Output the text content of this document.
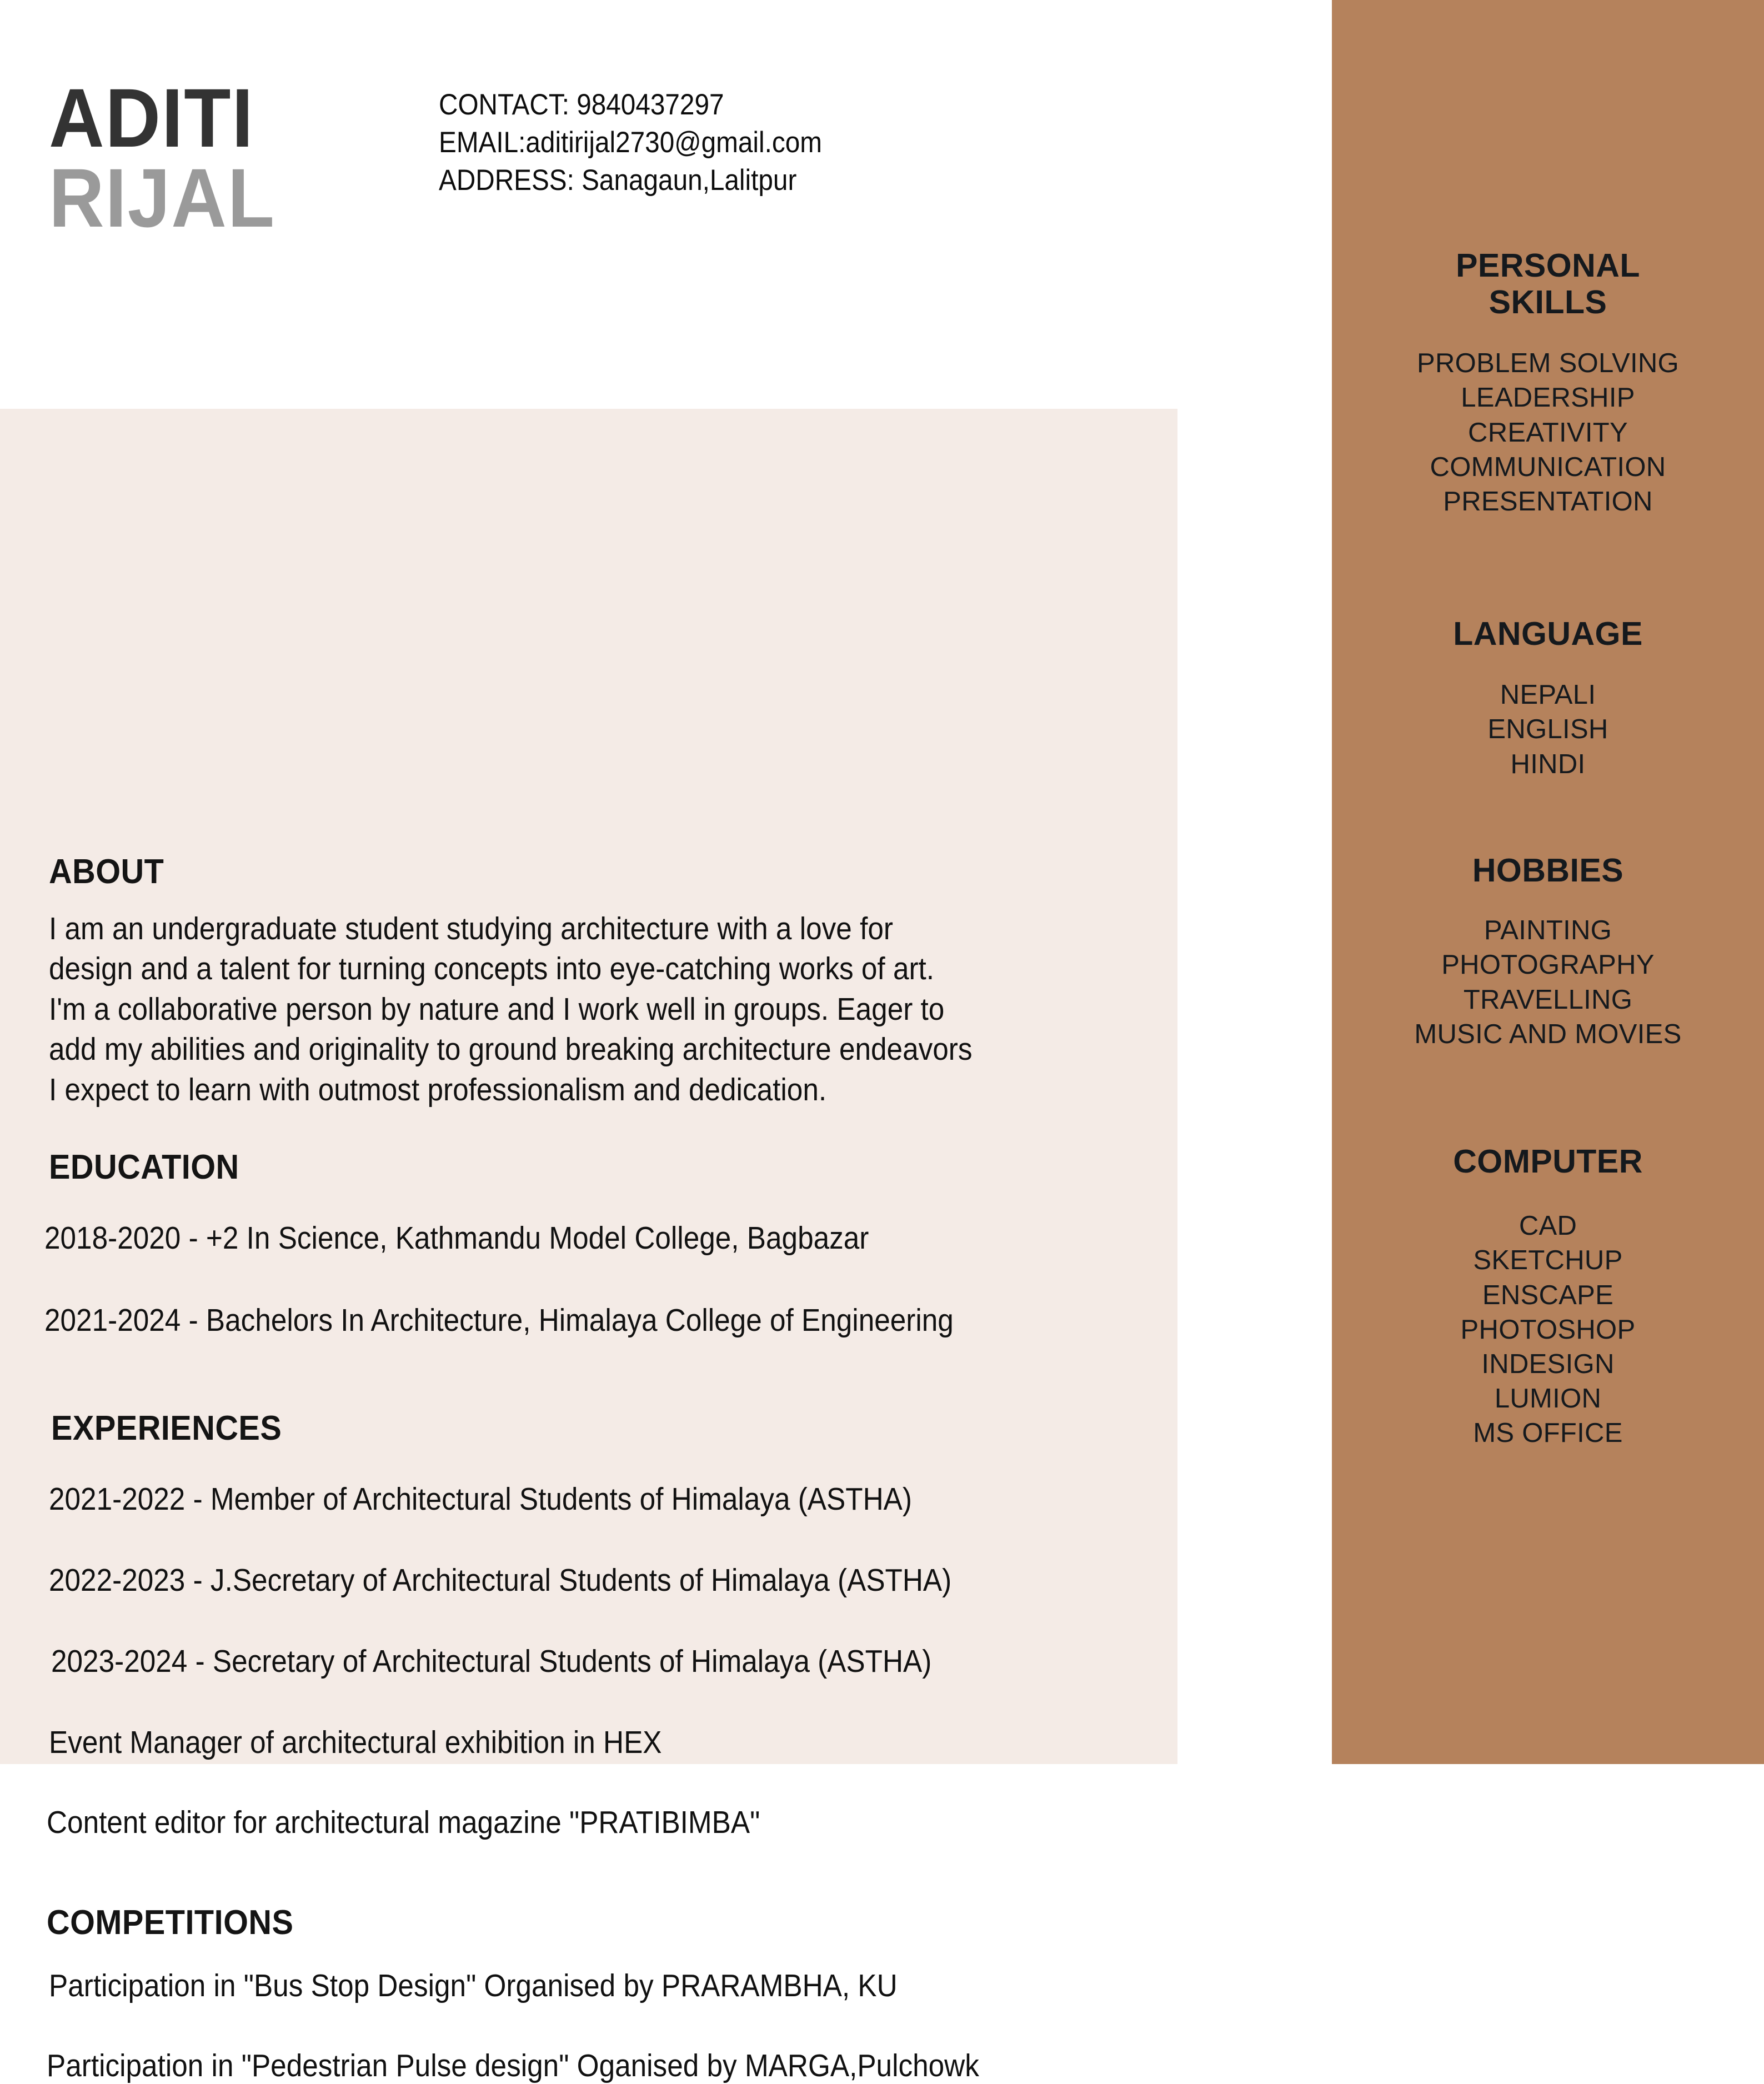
ADITI
RIJAL
CONTACT: 9840437297
EMAIL:aditirijal2730@gmail.com
ADDRESS: Sanagaun,Lalitpur
ABOUT
I am an undergraduate student studying architecture with a love for
design and a talent for turning concepts into eye-catching works of art.
I'm a collaborative person by nature and I work well in groups. Eager to
add my abilities and originality to ground breaking architecture endeavors
I expect to learn with outmost professionalism and dedication.
EDUCATION
2018-2020 - +2 In Science, Kathmandu Model College, Bagbazar
2021-2024 - Bachelors In Architecture, Himalaya College of Engineering
EXPERIENCES
2021-2022 - Member of Architectural Students of Himalaya (ASTHA)
2022-2023 - J.Secretary of Architectural Students of Himalaya (ASTHA)
2023-2024 - Secretary of Architectural Students of Himalaya (ASTHA)
Event Manager of architectural exhibition in HEX
Content editor for architectural magazine "PRATIBIMBA"
COMPETITIONS
Participation in "Bus Stop Design" Organised by PRARAMBHA, KU
Participation in "Pedestrian Pulse design" Oganised by MARGA,Pulchowk
PERSONAL
SKILLS
PROBLEM SOLVING
LEADERSHIP
CREATIVITY
COMMUNICATION
PRESENTATION
LANGUAGE
NEPALI
ENGLISH
HINDI
HOBBIES
PAINTING
PHOTOGRAPHY
TRAVELLING
MUSIC AND MOVIES
COMPUTER
CAD
SKETCHUP
ENSCAPE
PHOTOSHOP
INDESIGN
LUMION
MS OFFICE
